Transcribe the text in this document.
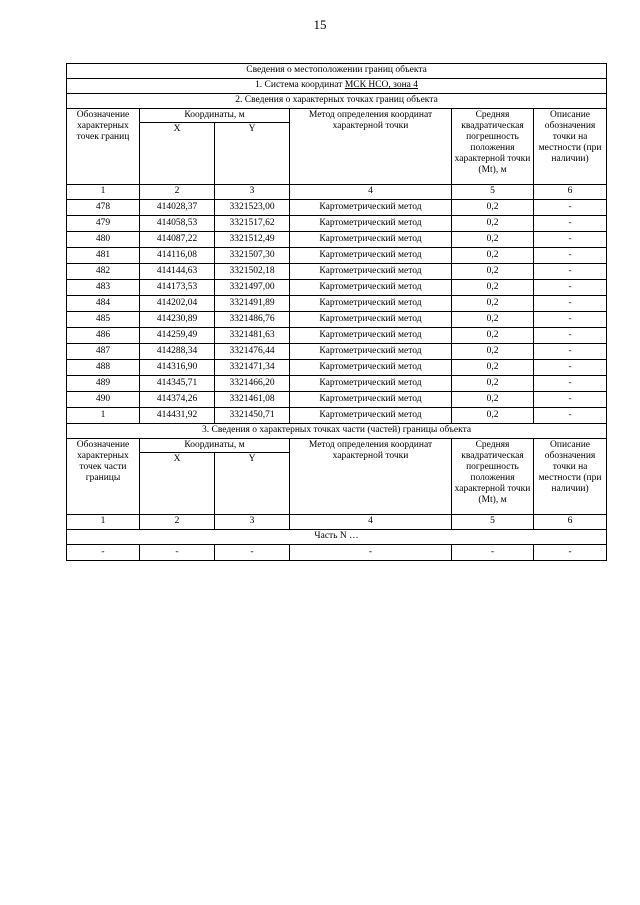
15
Сведения о местоположении границ объекта					
1. Система координат МСК НСО, зона 4					
2. Сведения о характерных точках границ объекта					
Обозначение характерных точек границ	Координаты, м		Метод определения координат характерной точки	Средняя квадратическая погрешность положения характерной точки (Mt), м	Описание обозначения точки на местности (при наличии)
	X	Y			
1	2	3	4	5	6
478	414028,37	3321523,00	Картометрический метод	0,2	-
479	414058,53	3321517,62	Картометрический метод	0,2	-
480	414087,22	3321512,49	Картометрический метод	0,2	-
481	414116,08	3321507,30	Картометрический метод	0,2	-
482	414144,63	3321502,18	Картометрический метод	0,2	-
483	414173,53	3321497,00	Картометрический метод	0,2	-
484	414202,04	3321491,89	Картометрический метод	0,2	-
485	414230,89	3321486,76	Картометрический метод	0,2	-
486	414259,49	3321481,63	Картометрический метод	0,2	-
487	414288,34	3321476,44	Картометрический метод	0,2	-
488	414316,90	3321471,34	Картометрический метод	0,2	-
489	414345,71	3321466,20	Картометрический метод	0,2	-
490	414374,26	3321461,08	Картометрический метод	0,2	-
1	414431,92	3321450,71	Картометрический метод	0,2	-
3. Сведения о характерных точках части (частей) границы объекта					
Обозначение характерных точек части границы	Координаты, м		Метод определения координат характерной точки	Средняя квадратическая погрешность положения характерной точки (Mt), м	Описание обозначения точки на местности (при наличии)
	X	Y			
1	2	3	4	5	6
Часть N …					
-	-	-	-	-	-
